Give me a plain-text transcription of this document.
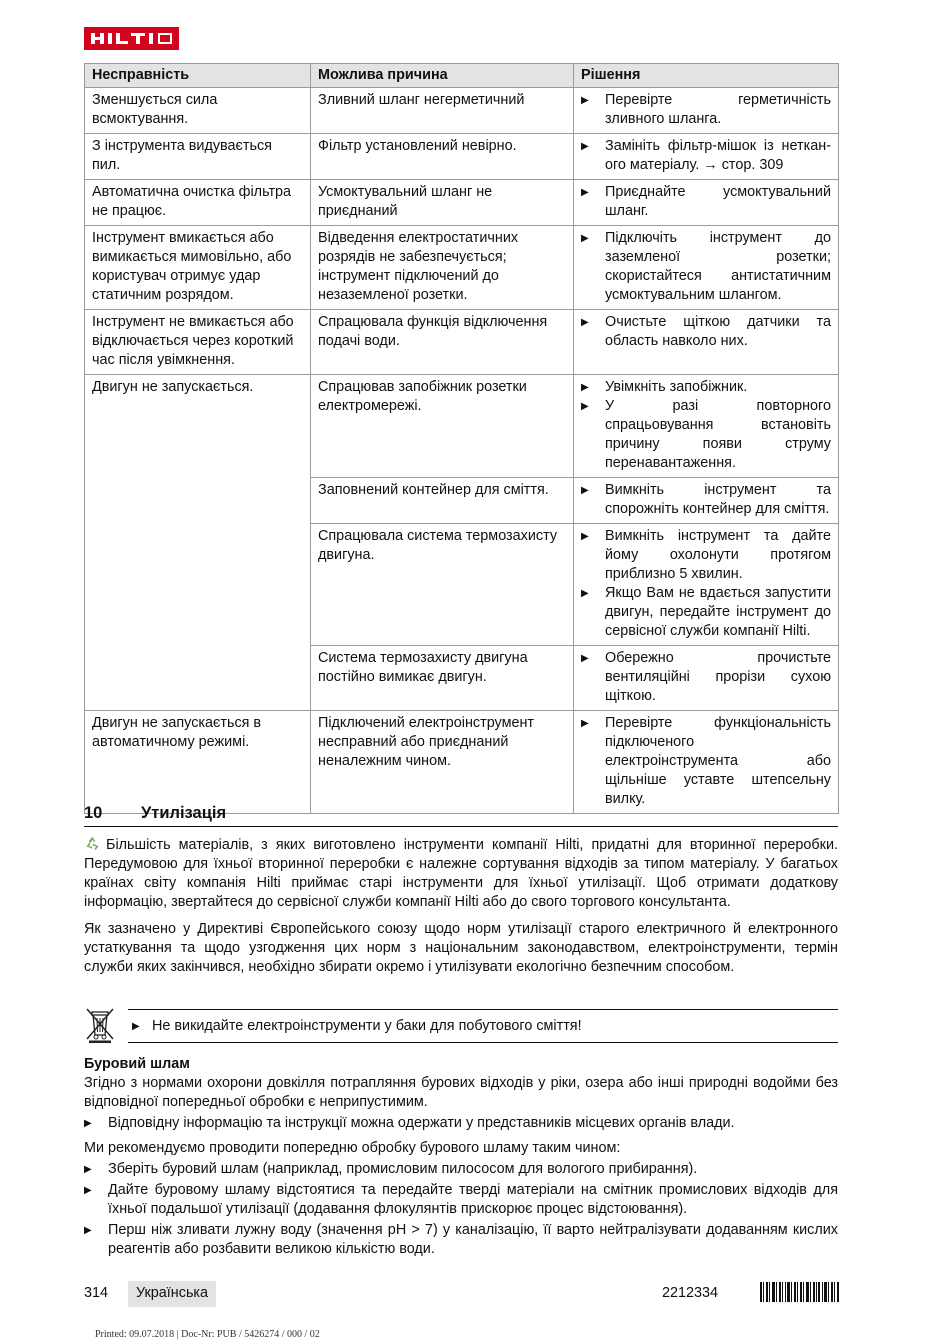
Несправність	Можлива причина	Рішення
Зменшується сила всмоктування.	Зливний шланг негерметичний	▶ Перевірте герметичність зливного шланга.

З інструмента видувається пил.	Фільтр установлений невірно.	▶ Замініть фільтр-мішок із нетканого матеріалу. → стор. 309

Автоматична очистка фільтра не працює.	Усмоктувальний шланг не приєднаний	▶ Приєднайте усмоктувальний шланг.

Інструмент вмикається або вимикається мимовільно, або користувач отримує удар статичним розрядом.	Відведення електростатичних розрядів не забезпечується; інструмент підключений до незаземленої розетки.	▶ Підключіть інструмент до заземленої розетки; скористайтеся антистатичним усмоктувальним шлангом.

Інструмент не вмикається або відключається через короткий час після увімкнення.	Спрацювала функція відключення подачі води.	▶ Очистьте щіткою датчики та область навколо них.

Двигун не запускається.	Спрацював запобіжник розетки електромережі.	▶ Увімкніть запобіжник.
▶ У разі повторного спрацьовування встановіть причину появи струму перенавантаження.

	Заповнений контейнер для сміття.	▶ Вимкніть інструмент та спорожніть контейнер для сміття.

	Спрацювала система термозахисту двигуна.	▶ Вимкніть інструмент та дайте йому охолонути протягом приблизно 5 хвилин.
▶ Якщо Вам не вдається запустити двигун, передайте інструмент до сервісної служби компанії Hilti.

	Система термозахисту двигуна постійно вимикає двигун.	▶ Обережно прочистьте вентиляційні прорізи сухою щіткою.

Двигун не запускається в автоматичному режимі.	Підключений електроінструмент несправний або приєднаний неналежним чином.	▶ Перевірте функціональність підключеного електроінструмента або щільніше уставте штепсельну вилку.
10	Утилізація

Більшість матеріалів, з яких виготовлено інструменти компанії Hilti, придатні для вторинної переробки. Передумовою для їхньої вторинної переробки є належне сортування відходів за типом матеріалу. У багатьох країнах світу компанія Hilti приймає старі інструменти для їхньої утилізації. Щоб отримати додаткову інформацію, звертайтеся до сервісної служби компанії Hilti або до свого торгового консультанта.

Як зазначено у Директиві Європейського союзу щодо норм утилізації старого електричного й електронного устаткування та щодо узгодження цих норм з національним законодавством, електроінструменти, термін служби яких закінчився, необхідно збирати окремо і утилізувати екологічно безпечним способом.

▶ Не викидайте електроінструменти у баки для побутового сміття!
Буровий шлам

Згідно з нормами охорони довкілля потрапляння бурових відходів у ріки, озера або інші природні водойми без відповідної попередньої обробки є неприпустимим.

▶	Відповідну інформацію та інструкції можна одержати у представників місцевих органів влади.

Ми рекомендуємо проводити попередню обробку бурового шламу таким чином:

▶	Зберіть буровий шлам (наприклад, промисловим пилососом для вологого прибирання).
▶	Дайте буровому шламу відстоятися та передайте тверді матеріали на смітник промислових відходів для їхньої подальшої утилізації (додавання флокулянтів прискорює процес відстоювання).
▶	Перш ніж зливати лужну воду (значення pH > 7) у каналізацію, її варто нейтралізувати додаванням кислих реагентів або розбавити великою кількістю води.
314	Українська	2212334
Printed: 09.07.2018 | Doc-Nr: PUB / 5426274 / 000 / 02
